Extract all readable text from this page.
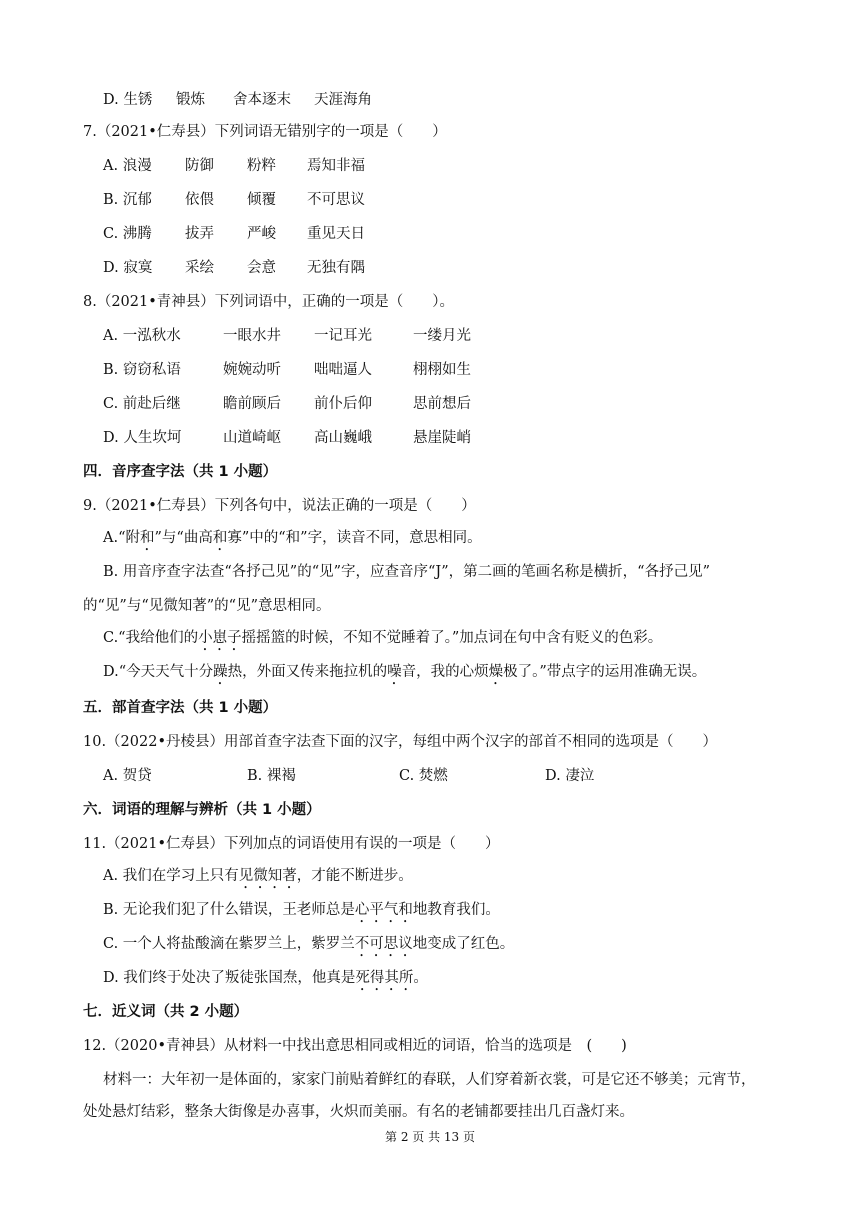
D. 生锈 锻炼 舍本逐末 天涯海角
7.（2021•仁寿县）下列词语无错别字的一项是（　　）
A. 浪漫 防御 粉粹 焉知非福
B. 沉郁 依偎 倾覆 不可思议
C. 沸腾 拔弄 严峻 重见天日
D. 寂寞 采绘 会意 无独有隅
8.（2021•青神县）下列词语中，正确的一项是（　　）。
A. 一泓秋水	一眼水井 一记耳光	一缕月光
B. 窃窃私语	婉婉动听 咄咄逼人	栩栩如生
C. 前赴后继	瞻前顾后 前仆后仰	思前想后
D. 人生坎坷	山道崎岖 高山巍峨	悬崖陡峭
四．音序查字法（共 1 小题）
9.（2021•仁寿县）下列各句中，说法正确的一项是（　　）
A.“附和”与“曲高和寡”中的“和”字，读音不同，意思相同。
B. 用音序查字法查“各抒己见”的“见”字，应查音序“J”，第二画的笔画名称是横折，“各抒己见”
的“见”与“见微知著”的“见”意思相同。
C.“我给他们的小崽子摇摇篮的时候，不知不觉睡着了。”加点词在句中含有贬义的色彩。
D.“今天天气十分躁热，外面又传来拖拉机的噪音，我的心烦燥极了。”带点字的运用准确无误。
五．部首查字法（共 1 小题）
10.（2022•丹棱县）用部首查字法查下面的汉字，每组中两个汉字的部首不相同的选项是（　　）
A. 贺贷	B. 裸褐	C. 焚燃	D. 凄泣
六．词语的理解与辨析（共 1 小题）
11.（2021•仁寿县）下列加点的词语使用有误的一项是（　　）
A. 我们在学习上只有见微知著，才能不断进步。
B. 无论我们犯了什么错误，王老师总是心平气和地教育我们。
C. 一个人将盐酸滴在紫罗兰上，紫罗兰不可思议地变成了红色。
D. 我们终于处决了叛徒张国焘，他真是死得其所。
七．近义词（共 2 小题）
12.（2020•青神县）从材料一中找出意思相同或相近的词语，恰当的选项是　(　　)
材料一：大年初一是体面的，家家门前贴着鲜红的春联，人们穿着新衣裳，可是它还不够美；元宵节，
处处悬灯结彩，整条大街像是办喜事，火炽而美丽。有名的老铺都要挂出几百盏灯来。
第 2 页 共 13 页
